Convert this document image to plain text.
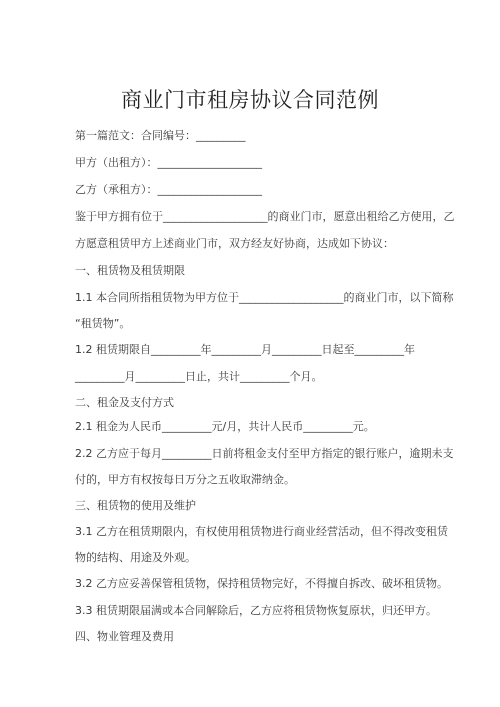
商业门市租房协议合同范例
第一篇范文：合同编号：_________
甲方（出租方）：___________________
乙方（承租方）：___________________
鉴于甲方拥有位于___________________的商业门市，愿意出租给乙方使用，乙
方愿意租赁甲方上述商业门市，双方经友好协商，达成如下协议：
一、租赁物及租赁期限
1.1 本合同所指租赁物为甲方位于___________________的商业门市，以下简称
“租赁物”。
1.2 租赁期限自_________年_________月_________日起至_________年
_________月_________日止，共计_________个月。
二、租金及支付方式
2.1 租金为人民币_________元/月，共计人民币_________元。
2.2 乙方应于每月_________日前将租金支付至甲方指定的银行账户，逾期未支
付的，甲方有权按每日万分之五收取滞纳金。
三、租赁物的使用及维护
3.1 乙方在租赁期限内，有权使用租赁物进行商业经营活动，但不得改变租赁
物的结构、用途及外观。
3.2 乙方应妥善保管租赁物，保持租赁物完好，不得擅自拆改、破坏租赁物。
3.3 租赁期限届满或本合同解除后，乙方应将租赁物恢复原状，归还甲方。
四、物业管理及费用
